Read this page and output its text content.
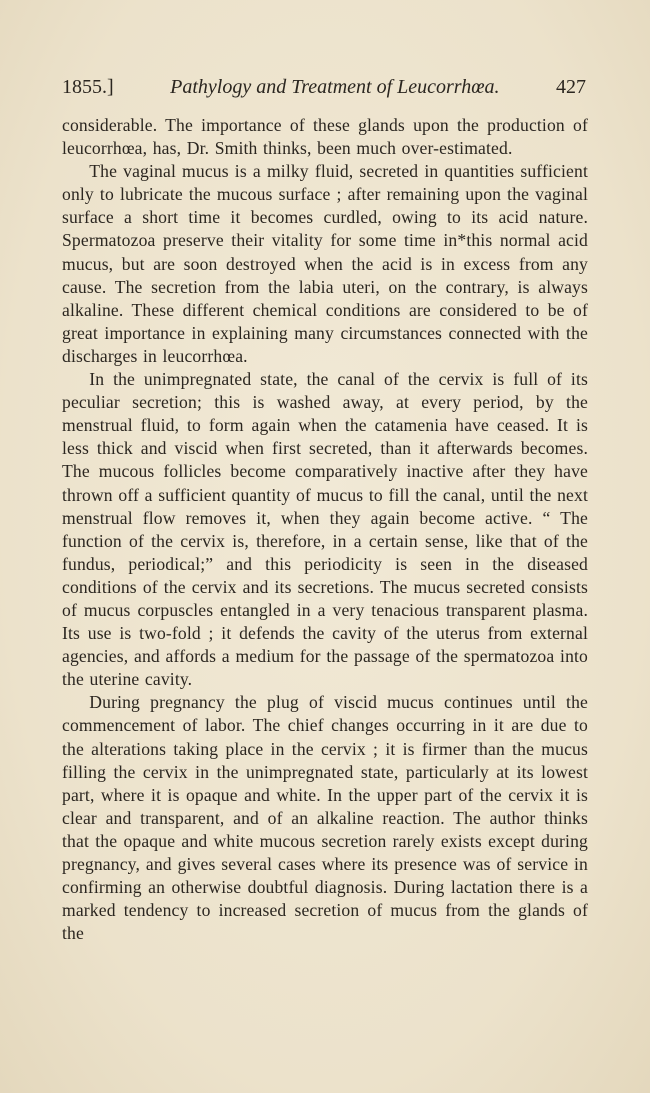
1855.]	Pathylogy and Treatment of Leucorrhœa.	427

considerable. The importance of these glands upon the production of leucorrhœa, has, Dr. Smith thinks, been much over-estimated.

The vaginal mucus is a milky fluid, secreted in quantities sufficient only to lubricate the mucous surface ; after remaining upon the vaginal surface a short time it becomes curdled, owing to its acid nature. Spermatozoa preserve their vitality for some time in*this normal acid mucus, but are soon destroyed when the acid is in excess from any cause. The secretion from the labia uteri, on the contrary, is always alkaline. These different chemical conditions are considered to be of great importance in explaining many circumstances connected with the discharges in leucorrhœa.

In the unimpregnated state, the canal of the cervix is full of its peculiar secretion; this is washed away, at every period, by the menstrual fluid, to form again when the catamenia have ceased. It is less thick and viscid when first secreted, than it afterwards becomes. The mucous follicles become comparatively inactive after they have thrown off a sufficient quantity of mucus to fill the canal, until the next menstrual flow removes it, when they again become active. “ The function of the cervix is, therefore, in a certain sense, like that of the fundus, periodical;” and this periodicity is seen in the diseased conditions of the cervix and its secretions. The mucus secreted consists of mucus corpuscles entangled in a very tenacious transparent plasma. Its use is two-fold ; it defends the cavity of the uterus from external agencies, and affords a medium for the passage of the spermatozoa into the uterine cavity.

During pregnancy the plug of viscid mucus continues until the commencement of labor. The chief changes occurring in it are due to the alterations taking place in the cervix ; it is firmer than the mucus filling the cervix in the unimpregnated state, particularly at its lowest part, where it is opaque and white. In the upper part of the cervix it is clear and transparent, and of an alkaline reaction. The author thinks that the opaque and white mucous secretion rarely exists except during pregnancy, and gives several cases where its presence was of service in confirming an otherwise doubtful diagnosis. During lactation there is a marked tendency to increased secretion of mucus from the glands of the
